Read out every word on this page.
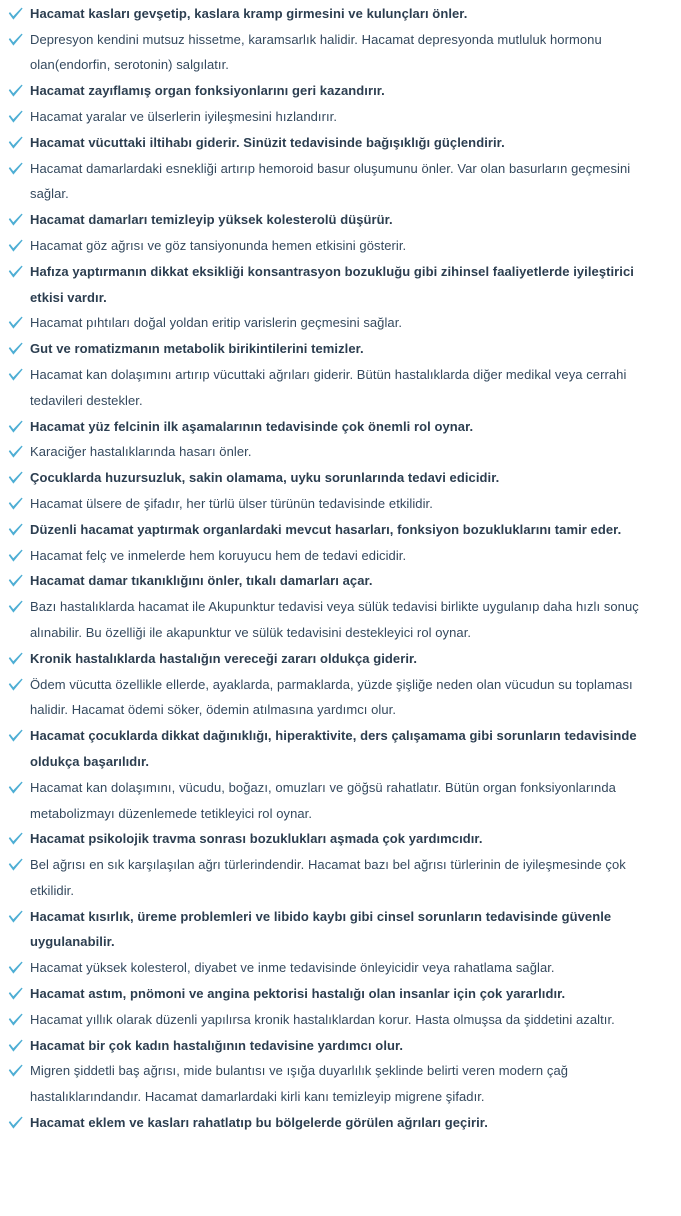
Hacamat kasları gevşetip, kaslara kramp girmesini ve kulunçları önler.
Depresyon kendini mutsuz hissetme, karamsarlık halidir. Hacamat depresyonda mutluluk hormonu olan(endorfin, serotonin) salgılatır.
Hacamat zayıflamış organ fonksiyonlarını geri kazandırır.
Hacamat yaralar ve ülserlerin iyileşmesini hızlandırır.
Hacamat vücuttaki iltihabı giderir. Sinüzit tedavisinde bağışıklığı güçlendirir.
Hacamat damarlardaki esnekliği artırıp hemoroid basur oluşumunu önler. Var olan basurların geçmesini sağlar.
Hacamat damarları temizleyip yüksek kolesterolü düşürür.
Hacamat göz ağrısı ve göz tansiyonunda hemen etkisini gösterir.
Hafıza yaptırmanın dikkat eksikliği konsantrasyon bozukluğu gibi zihinsel faaliyetlerde iyileştirici etkisi vardır.
Hacamat pıhtıları doğal yoldan eritip varislerin geçmesini sağlar.
Gut ve romatizmanın metabolik birikintilerini temizler.
Hacamat kan dolaşımını artırıp vücuttaki ağrıları giderir. Bütün hastalıklarda diğer medikal veya cerrahi tedavileri destekler.
Hacamat yüz felcinin ilk aşamalarının tedavisinde çok önemli rol oynar.
Karaciğer hastalıklarında hasarı önler.
Çocuklarda huzursuzluk, sakin olamama, uyku sorunlarında tedavi edicidir.
Hacamat ülsere de şifadır, her türlü ülser türünün tedavisinde etkilidir.
Düzenli hacamat yaptırmak organlardaki mevcut hasarları, fonksiyon bozukluklarını tamir eder.
Hacamat felç ve inmelerde hem koruyucu hem de tedavi edicidir.
Hacamat damar tıkanıklığını önler, tıkalı damarları açar.
Bazı hastalıklarda hacamat ile Akupunktur tedavisi veya sülük tedavisi birlikte uygulanıp daha hızlı sonuç alınabilir. Bu özelliği ile akapunktur ve sülük tedavisini destekleyici rol oynar.
Kronik hastalıklarda hastalığın vereceği zararı oldukça giderir.
Ödem vücutta özellikle ellerde, ayaklarda, parmaklarda, yüzde şişliğe neden olan vücudun su toplaması halidir. Hacamat ödemi söker, ödemin atılmasına yardımcı olur.
Hacamat çocuklarda dikkat dağınıklığı, hiperaktivite, ders çalışamama gibi sorunların tedavisinde oldukça başarılıdır.
Hacamat kan dolaşımını, vücudu, boğazı, omuzları ve göğsü rahatlatır. Bütün organ fonksiyonlarında metabolizmayı düzenlemede tetikleyici rol oynar.
Hacamat psikolojik travma sonrası bozuklukları aşmada çok yardımcıdır.
Bel ağrısı en sık karşılaşılan ağrı türlerindendir. Hacamat bazı bel ağrısı türlerinin de iyileşmesinde çok etkilidir.
Hacamat kısırlık, üreme problemleri ve libido kaybı gibi cinsel sorunların tedavisinde güvenle uygulanabilir.
Hacamat yüksek kolesterol, diyabet ve inme tedavisinde önleyicidir veya rahatlama sağlar.
Hacamat astım, pnömoni ve angina pektorisi hastalığı olan insanlar için çok yararlıdır.
Hacamat yıllık olarak düzenli yapılırsa kronik hastalıklardan korur. Hasta olmuşsa da şiddetini azaltır.
Hacamat bir çok kadın hastalığının tedavisine yardımcı olur.
Migren şiddetli baş ağrısı, mide bulantısı ve ışığa duyarlılık şeklinde belirti veren modern çağ hastalıklarındandır. Hacamat damarlardaki kirli kanı temizleyip migrene şifadır.
Hacamat eklem ve kasları rahatlatıp bu bölgelerde görülen ağrıları geçirir.
